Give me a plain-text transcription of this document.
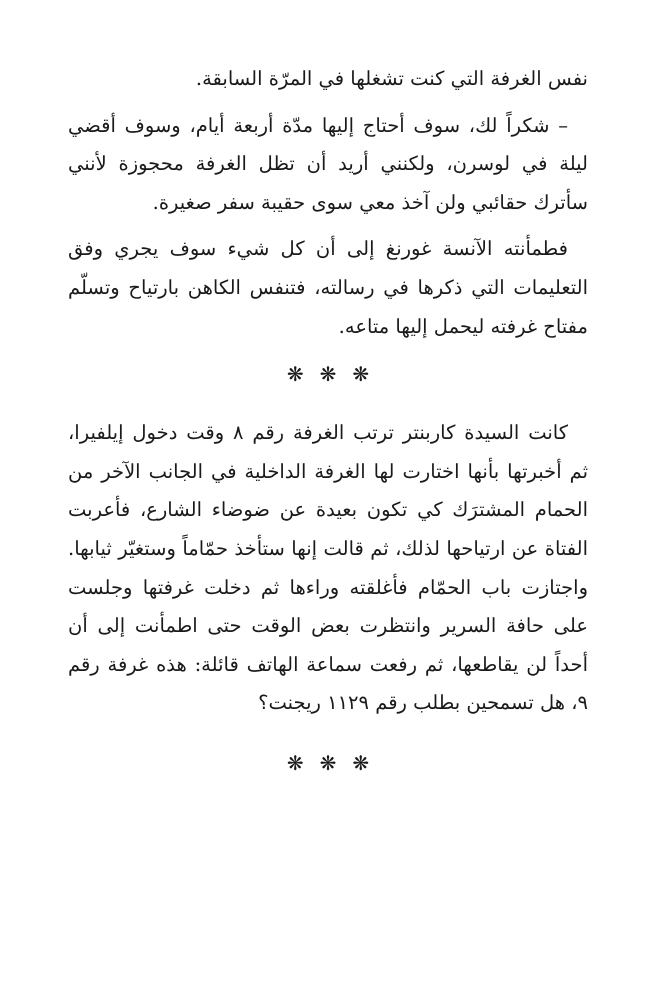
نفس الغرفة التي كنت تشغلها في المرّة السابقة.

– شكراً لك، سوف أحتاج إليها مدّة أربعة أيام، وسوف أقضي ليلة في لوسرن، ولكنني أريد أن تظل الغرفة محجوزة لأنني سأترك حقائبي ولن آخذ معي سوى حقيبة سفر صغيرة.

فطمأنته الآنسة غورنغ إلى أن كل شيء سوف يجري وفق التعليمات التي ذكرها في رسالته، فتنفس الكاهن بارتياح وتسلّم مفتاح غرفته ليحمل إليها متاعه.

❋ ❋ ❋

كانت السيدة كاربنتر ترتب الغرفة رقم ٨ وقت دخول إيلفيرا، ثم أخبرتها بأنها اختارت لها الغرفة الداخلية في الجانب الآخر من الحمام المشترَك كي تكون بعيدة عن ضوضاء الشارع، فأعربت الفتاة عن ارتياحها لذلك، ثم قالت إنها ستأخذ حمّاماً وستغيّر ثيابها. واجتازت باب الحمّام فأغلقته وراءها ثم دخلت غرفتها وجلست على حافة السرير وانتظرت بعض الوقت حتى اطمأنت إلى أن أحداً لن يقاطعها، ثم رفعت سماعة الهاتف قائلة: هذه غرفة رقم ٩، هل تسمحين بطلب رقم ١١٢٩ ريجنت؟

❋ ❋ ❋
